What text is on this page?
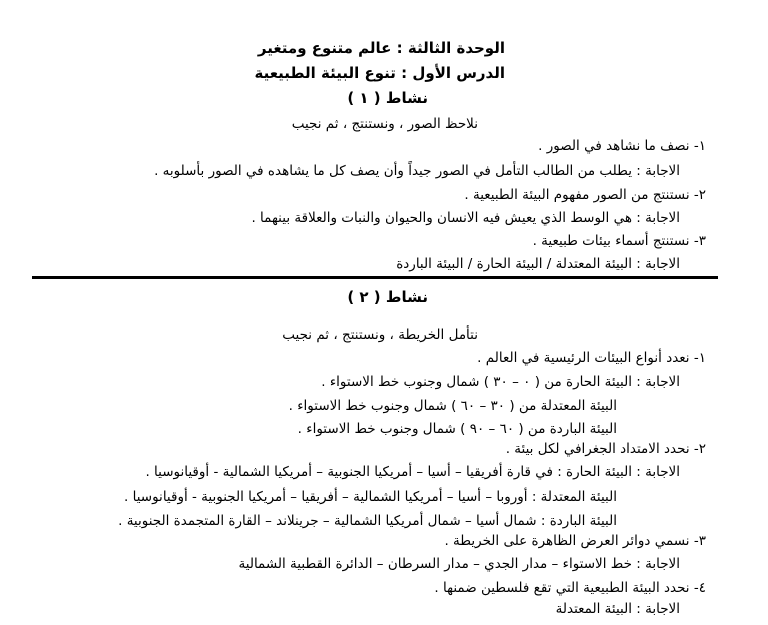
الوحدة الثالثة : عالم متنوع ومتغير
الدرس الأول : تنوع البيئة الطبيعية
نشاط ( ١ )
نلاحظ الصور ، ونستنتج ، ثم نجيب
١- نصف ما نشاهد في الصور .
الاجابة : يطلب من الطالب التأمل في الصور جيداً وأن يصف كل ما يشاهده في الصور بأسلوبه .
٢- نستنتج من الصور مفهوم البيئة الطبيعية .
الاجابة : هي الوسط الذي يعيش فيه الانسان والحيوان والنبات والعلاقة بينهما .
٣- نستنتج أسماء بيئات طبيعية .
الاجابة : البيئة المعتدلة / البيئة الحارة / البيئة الباردة
نشاط ( ٢ )
نتأمل الخريطة ، ونستنتج ، ثم نجيب
١- نعدد أنواع البيئات الرئيسية في العالم .
الاجابة : البيئة الحارة من ( ٠ – ٣٠ ) شمال وجنوب خط الاستواء .
البيئة المعتدلة من ( ٣٠ – ٦٠ ) شمال وجنوب خط الاستواء .
البيئة الباردة من ( ٦٠ – ٩٠ ) شمال وجنوب خط الاستواء .
٢- نحدد الامتداد الجغرافي لكل بيئة .
الاجابة : البيئة الحارة : في قارة أفريقيا – أسيا – أمريكيا الجنوبية – أمريكيا الشمالية - أوقيانوسيا .
البيئة المعتدلة : أوروبا – أسيا – أمريكيا الشمالية – أفريقيا – أمريكيا الجنوبية - أوقيانوسيا .
البيئة الباردة : شمال أسيا – شمال أمريكيا الشمالية – جرينلاند – القارة المتجمدة الجنوبية .
٣- نسمي دوائر العرض الظاهرة على الخريطة .
الاجابة : خط الاستواء – مدار الجدي – مدار السرطان – الدائرة القطبية الشمالية
٤- نحدد البيئة الطبيعية التي تقع فلسطين ضمنها .
الاجابة : البيئة المعتدلة
